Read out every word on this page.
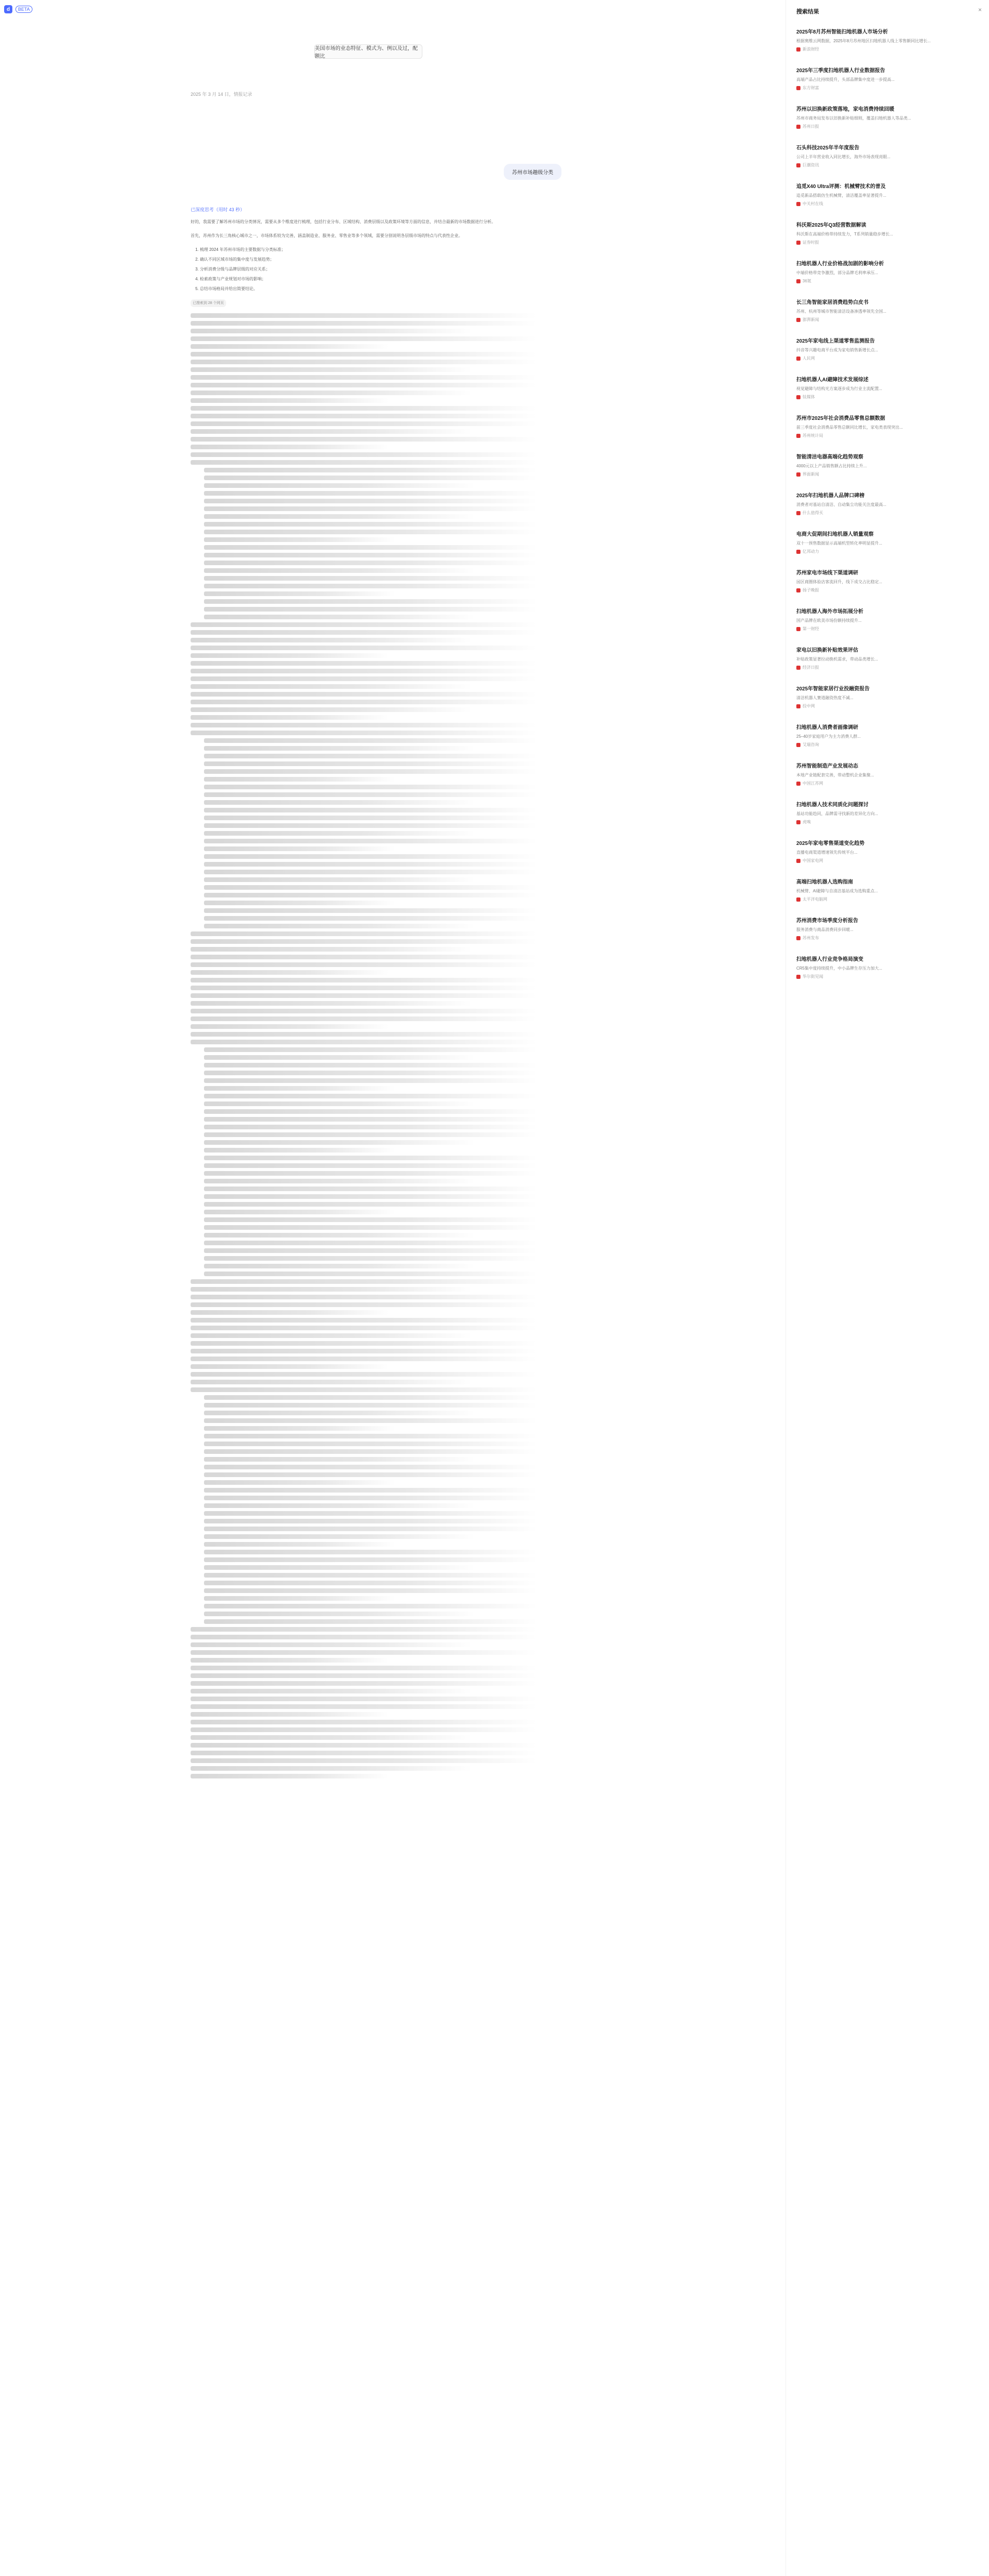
d	BETA
美国市场的业态特征、模式为、例以及过，配额比
2025 年 3 月 14 日，情报记录
苏州市场趣级分类
已深度思考（用时 43 秒）

好的，我需要了解苏州市场的分类情况，需要从多个维度进行梳理，包括行业分布、区域结构、消费层级以及政策环境等方面的信息，并结合最新的市场数据进行分析。

首先，苏州作为长三角核心城市之一，市场体系较为完善，涵盖制造业、服务业、零售业等多个领域，需要分别说明各层级市场的特点与代表性企业。

1. 梳理 2024 年苏州市场的主要数据与分类标准；
2. 确认不同区域市场的集中度与发展趋势；
3. 分析消费分级与品牌层级的对应关系；
4. 检索政策与产业规划对市场的影响；
5. 总结市场格局并给出简要结论。

已搜索到 28 个网页

搜索结果	×
2025年8月苏州智能扫地机器人市场分析
根据奥维云网数据，2025年8月苏州地区扫地机器人线上零售额同比增长...
新浪财经
2025年三季度扫地机器人行业数据报告
高端产品占比持续提升，头部品牌集中度进一步提高...
东方财富
苏州以旧换新政策落地，家电消费持续回暖
苏州市商务局发布以旧换新补贴细则，覆盖扫地机器人等品类...
苏州日报
石头科技2025年半年度报告
公司上半年营业收入同比增长，海外市场表现亮眼...
巨潮资讯
追觅X40 Ultra评测：机械臂技术的普及
追觅新品搭载仿生机械臂，清洁覆盖率显著提升...
中关村在线
科沃斯2025年Q3经营数据解读
科沃斯在高端价格带持续发力，T系列销量稳步增长...
证券时报
扫地机器人行业价格战加剧的影响分析
中端价格带竞争激烈，部分品牌毛利率承压...
36氪
长三角智能家居消费趋势白皮书
苏州、杭州等城市智能清洁设备渗透率领先全国...
澎湃新闻
2025年家电线上渠道零售监测报告
抖音等兴趣电商平台成为家电销售新增长点...
人民网
扫地机器人AI避障技术发展综述
视觉避障与结构光方案逐步成为行业主流配置...
钛媒体
苏州市2025年社会消费品零售总额数据
前三季度社会消费品零售总额同比增长，家电类表现突出...
苏州统计局
智能清洁电器高端化趋势观察
4000元以上产品销售额占比持续上升...
界面新闻
2025年扫地机器人品牌口碑榜
消费者对基站自清洁、自动集尘功能关注度最高...
什么值得买
电商大促期间扫地机器人销量观察
双十一预售数据显示高端机型转化率明显提升...
亿邦动力
苏州家电市场线下渠道调研
园区商圈体验店客流回升，线下成交占比稳定...
扬子晚报
扫地机器人海外市场拓展分析
国产品牌在欧美市场份额持续提升...
第一财经
家电以旧换新补贴效果评估
补贴政策显著拉动换机需求，带动品类增长...
经济日报
2025年智能家居行业投融资报告
清洁机器人赛道融资热度不减...
投中网
扫地机器人消费者画像调研
25–40岁家庭用户为主力消费人群...
艾瑞咨询
苏州智能制造产业发展动态
本地产业链配套完善，带动整机企业集聚...
中国江苏网
扫地机器人技术同质化问题探讨
基站功能趋同，品牌需寻找新的差异化方向...
虎嗅
2025年家电零售渠道变化趋势
直播电商渠道增速领先传统平台...
中国家电网
高端扫地机器人选购指南
机械臂、AI避障与自清洁基站成为选购重点...
太平洋电脑网
苏州消费市场季度分析报告
服务消费与商品消费同步回暖...
苏州发布
扫地机器人行业竞争格局演变
CR5集中度持续提升，中小品牌生存压力加大...
华尔街见闻
